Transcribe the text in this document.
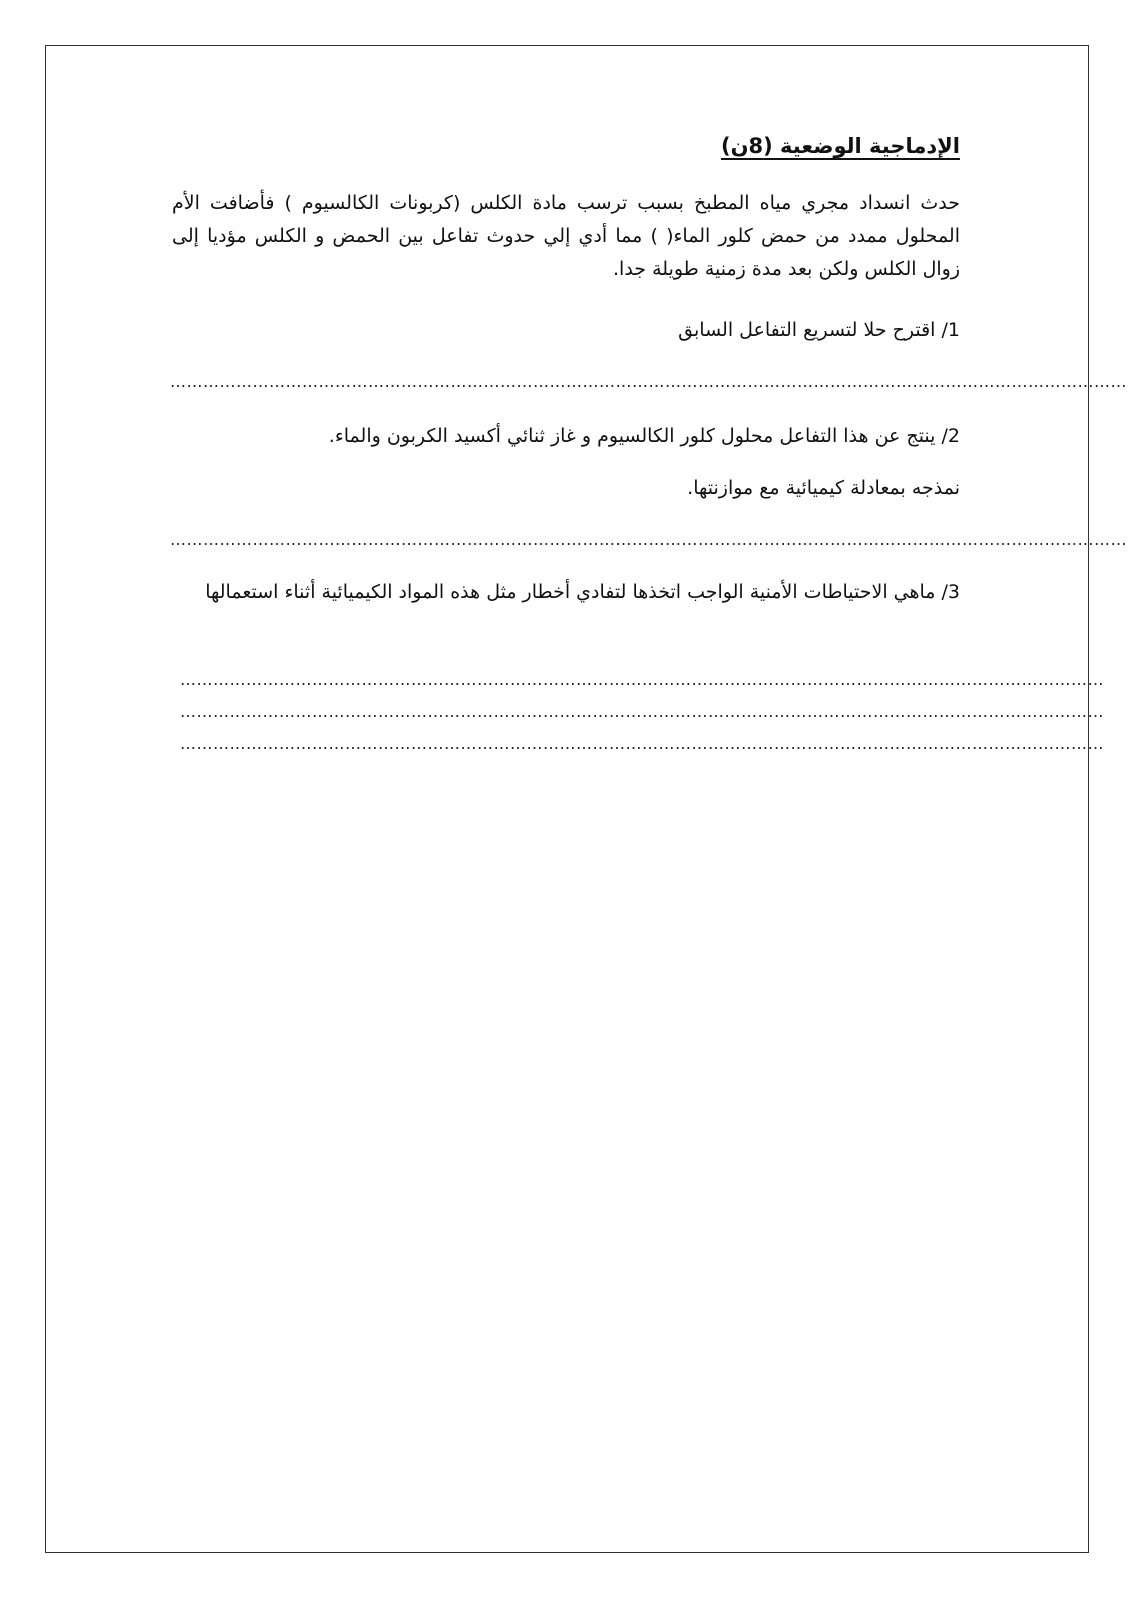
الإدماجية الوضعية (8ن)
حدث انسداد مجري مياه المطبخ بسبب ترسب مادة الكلس (كربونات الكالسيوم ) فأضافت الأم المحلول ممدد من حمض كلور الماء( ) مما أدي إلي حدوث تفاعل بين الحمض و الكلس مؤديا إلى زوال الكلس ولكن بعد مدة زمنية طويلة جدا.
1/ اقترح حلا لتسريع التفاعل السابق
…………………………………………………………………………………………………………………………………………………………
2/ ينتج عن هذا التفاعل محلول كلور الكالسيوم و غاز ثنائي أكسيد الكربون والماء.
نمذجه بمعادلة كيميائية مع موازنتها.
…………………………………………………………………………………………………………………………………………………………
3/ ماهي الاحتياطات الأمنية الواجب اتخذها لتفادي أخطار مثل هذه المواد الكيميائية أثناء استعمالها
……………………………………………………………………………………………………………………………………………………
……………………………………………………………………………………………………………………………………………………
……………………………………………………………………………………………………………………………………………………
